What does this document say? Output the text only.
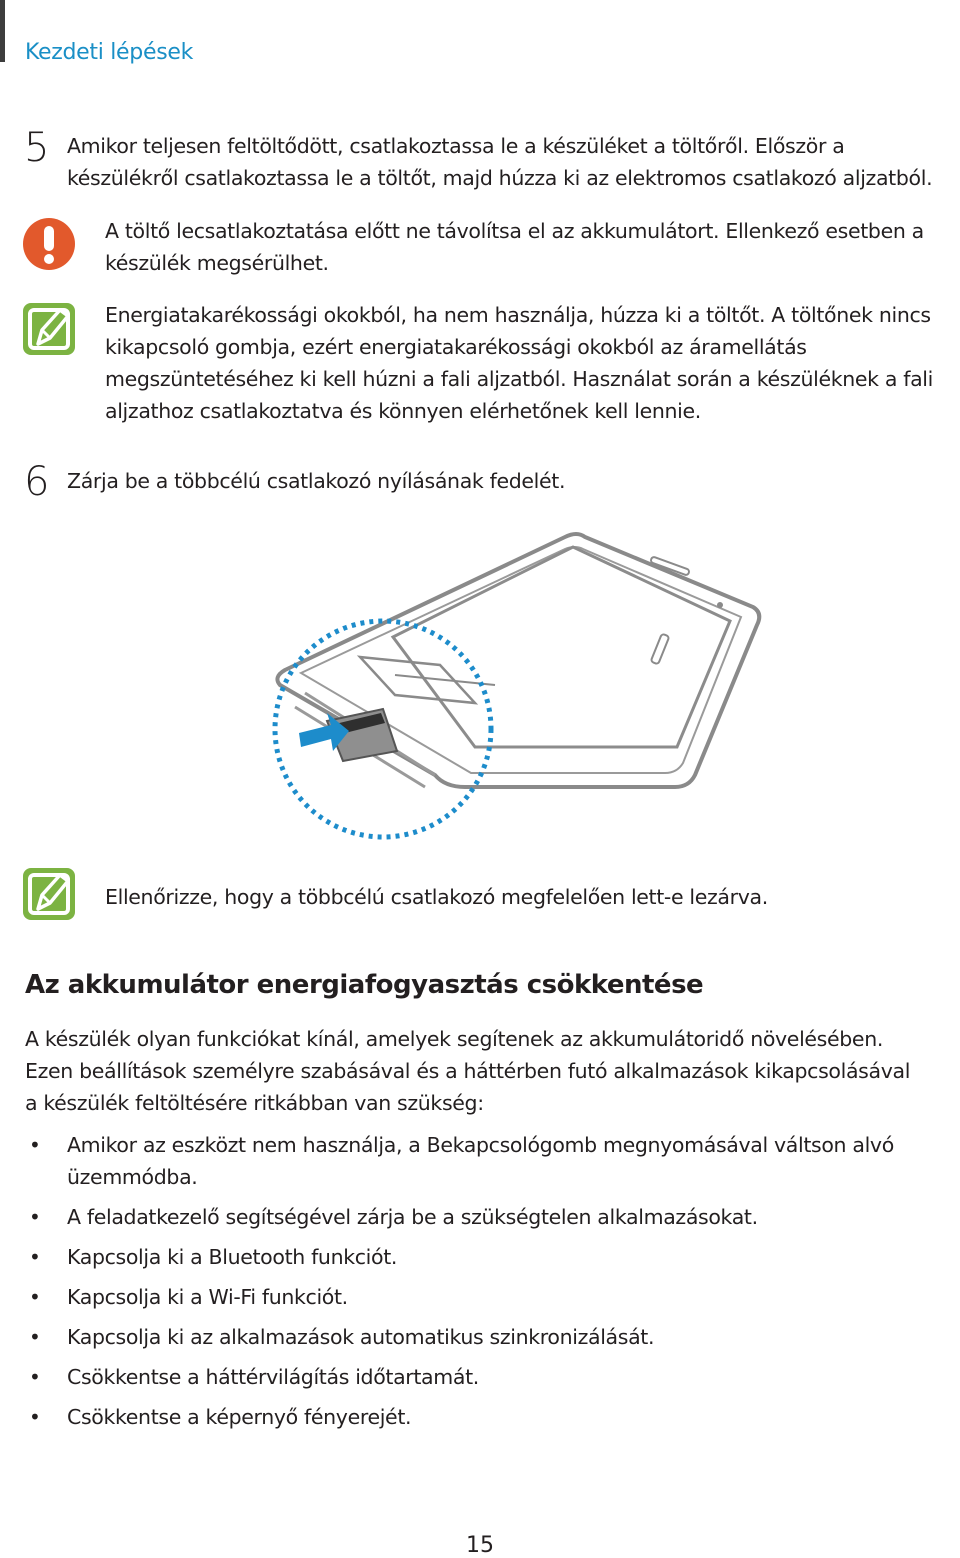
Kezdeti lépések
5 Amikor teljesen feltöltődött, csatlakoztassa le a készüléket a töltőről. Először a készülékről csatlakoztassa le a töltőt, majd húzza ki az elektromos csatlakozó aljzatból.
A töltő lecsatlakoztatása előtt ne távolítsa el az akkumulátort. Ellenkező esetben a készülék megsérülhet.
Energiatakarékossági okokból, ha nem használja, húzza ki a töltőt. A töltőnek nincs kikapcsoló gombja, ezért energiatakarékossági okokból az áramellátás megszüntetéséhez ki kell húzni a fali aljzatból. Használat során a készüléknek a fali aljzathoz csatlakoztatva és könnyen elérhetőnek kell lennie.
6 Zárja be a többcélú csatlakozó nyílásának fedelét.
Ellenőrizze, hogy a többcélú csatlakozó megfelelően lett-e lezárva.
Az akkumulátor energiafogyasztás csökkentése
A készülék olyan funkciókat kínál, amelyek segítenek az akkumulátoridő növelésében. Ezen beállítások személyre szabásával és a háttérben futó alkalmazások kikapcsolásával a készülék feltöltésére ritkábban van szükség:
• Amikor az eszközt nem használja, a Bekapcsológomb megnyomásával váltson alvó üzemmódba.
• A feladatkezelő segítségével zárja be a szükségtelen alkalmazásokat.
• Kapcsolja ki a Bluetooth funkciót.
• Kapcsolja ki a Wi-Fi funkciót.
• Kapcsolja ki az alkalmazások automatikus szinkronizálását.
• Csökkentse a háttérvilágítás időtartamát.
• Csökkentse a képernyő fényerejét.
15
